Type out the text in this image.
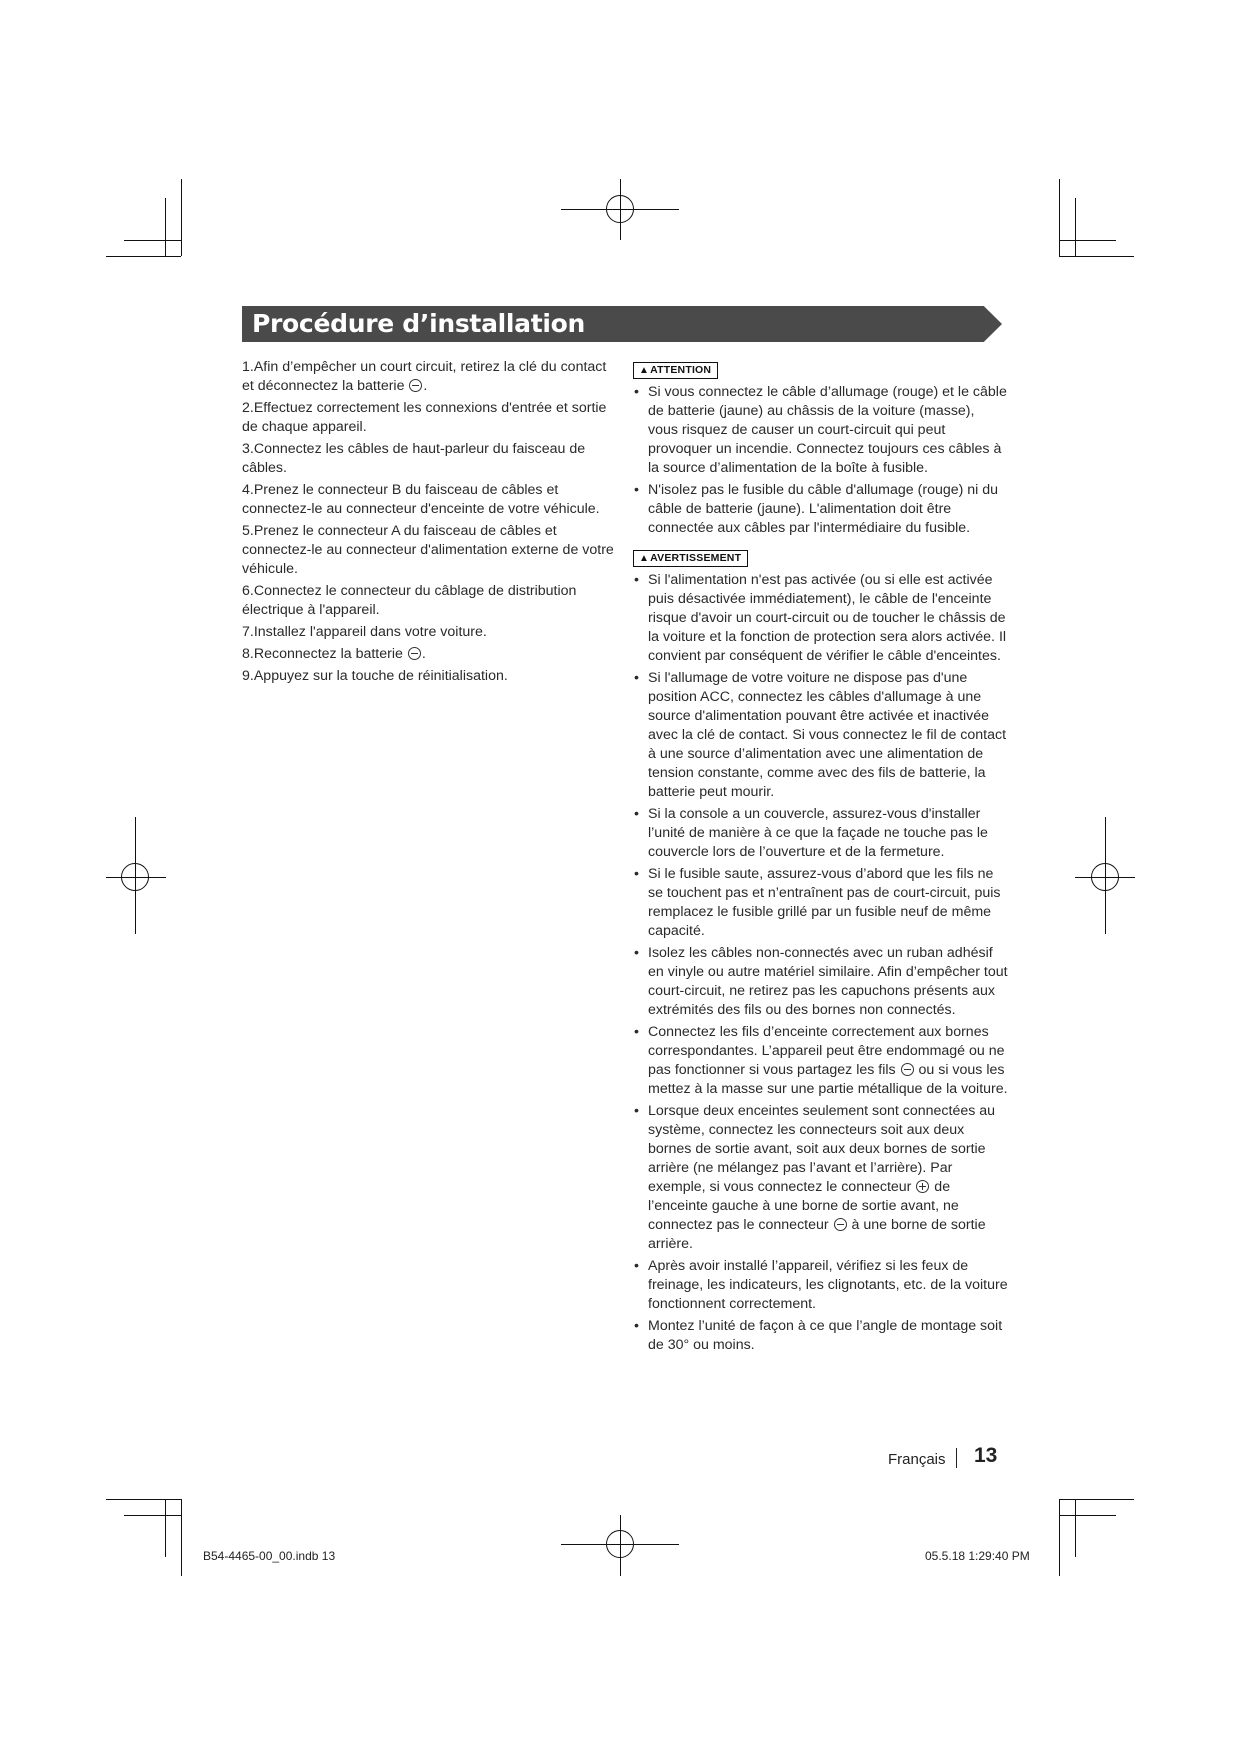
Procédure d’installation
1.Afin d’empêcher un court circuit, retirez la clé du contact et déconnectez la batterie .
2.Effectuez correctement les connexions d'entrée et sortie de chaque appareil.
3.Connectez les câbles de haut-parleur du faisceau de câbles.
4.Prenez le connecteur B du faisceau de câbles et connectez-le au connecteur d'enceinte de votre véhicule.
5.Prenez le connecteur A du faisceau de câbles et connectez-le au connecteur d'alimentation externe de votre véhicule.
6.Connectez le connecteur du câblage de distribution électrique à l'appareil.
7.Installez l'appareil dans votre voiture.
8.Reconnectez la batterie .
9.Appuyez sur la touche de réinitialisation.
▲ATTENTION
• Si vous connectez le câble d’allumage (rouge) et le câble de batterie (jaune) au châssis de la voiture (masse), vous risquez de causer un court-circuit qui peut provoquer un incendie. Connectez toujours ces câbles à la source d’alimentation de la boîte à fusible.
• N'isolez pas le fusible du câble d'allumage (rouge) ni du câble de batterie (jaune). L'alimentation doit être connectée aux câbles par l'intermédiaire du fusible.
▲AVERTISSEMENT
• Si l'alimentation n'est pas activée (ou si elle est activée puis désactivée immédiatement), le câble de l'enceinte risque d'avoir un court-circuit ou de toucher le châssis de la voiture et la fonction de protection sera alors activée. Il convient par conséquent de vérifier le câble d'enceintes.
• Si l'allumage de votre voiture ne dispose pas d'une position ACC, connectez les câbles d'allumage à une source d'alimentation pouvant être activée et inactivée avec la clé de contact. Si vous connectez le fil de contact à une source d’alimentation avec une alimentation de tension constante, comme avec des fils de batterie, la batterie peut mourir.
• Si la console a un couvercle, assurez-vous d'installer l’unité de manière à ce que la façade ne touche pas le couvercle lors de l’ouverture et de la fermeture.
• Si le fusible saute, assurez-vous d’abord que les fils ne se touchent pas et n’entraînent pas de court-circuit, puis remplacez le fusible grillé par un fusible neuf de même capacité.
• Isolez les câbles non-connectés avec un ruban adhésif en vinyle ou autre matériel similaire. Afin d’empêcher tout court-circuit, ne retirez pas les capuchons présents aux extrémités des fils ou des bornes non connectés.
• Connectez les fils d’enceinte correctement aux bornes correspondantes. L’appareil peut être endommagé ou ne pas fonctionner si vous partagez les fils  ou si vous les mettez à la masse sur une partie métallique de la voiture.
• Lorsque deux enceintes seulement sont connectées au système, connectez les connecteurs soit aux deux bornes de sortie avant, soit aux deux bornes de sortie arrière (ne mélangez pas l’avant et l’arrière). Par exemple, si vous connectez le connecteur  de l’enceinte gauche à une borne de sortie avant, ne connectez pas le connecteur  à une borne de sortie arrière.
• Après avoir installé l’appareil, vérifiez si les feux de freinage, les indicateurs, les clignotants, etc. de la voiture fonctionnent correctement.
• Montez l’unité de façon à ce que l’angle de montage soit de 30° ou moins.
Français 13
B54-4465-00_00.indb 13	05.5.18 1:29:40 PM
